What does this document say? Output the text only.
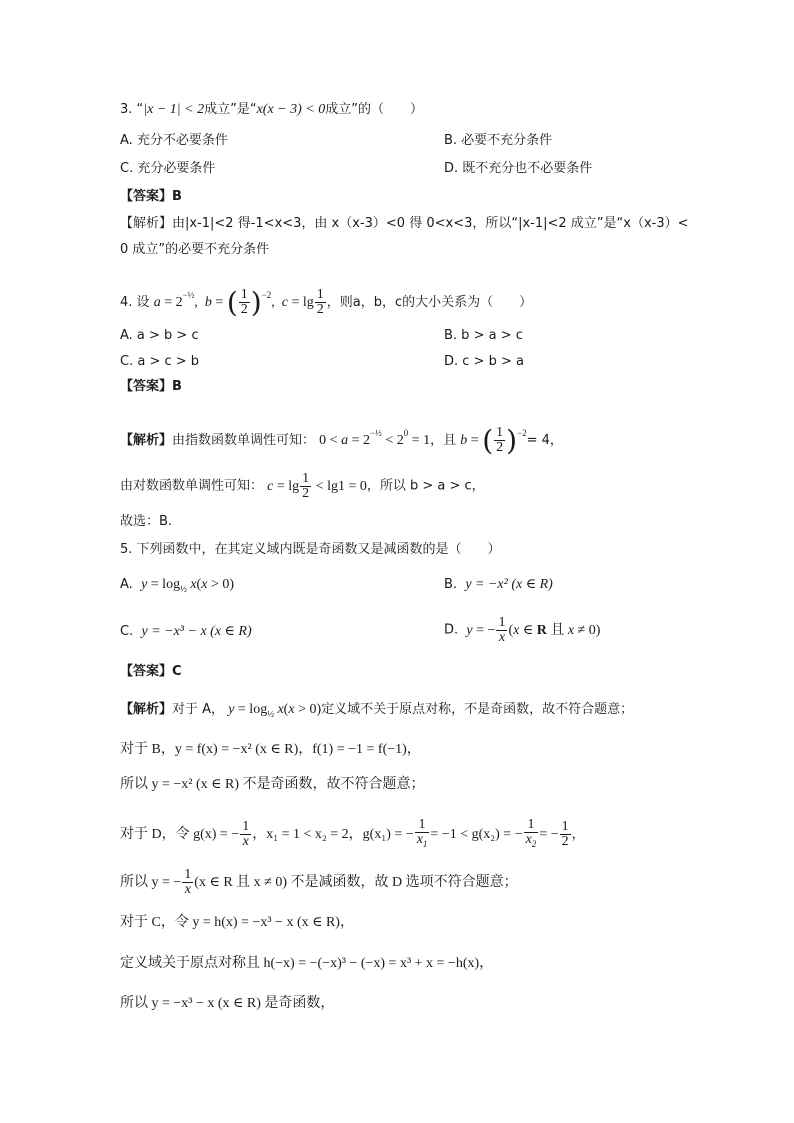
3. “|x − 1| < 2成立”是“x(x − 3) < 0成立”的（　　）
A. 充分不必要条件	B. 必要不充分条件
C. 充分必要条件	D. 既不充分也不必要条件
【答案】B
【解析】由|x-1|<2 得-1<x<3，由 x（x-3）<0 得 0<x<3，所以“|x-1|<2 成立”是“x（x-3）<
0 成立”的必要不充分条件
4. 设 $a = 2^{-\frac{1}{2}}$,  b = ( $\frac{1}{2} )^{-2}$,  $c = \lg \frac{1}{2}$ ，则a，b，c的大小关系为（　　）
A. a > b > c	B. b > a > c
C. a > c > b	D. c > b > a
【答案】B
【解析】由指数函数单调性可知： $0 < a = 2^{-\frac{1}{2}} < 2^0 = 1$，且 b = ( $\frac{1}{2} )^{-2}= 4$，
由对数函数单调性可知： $c = \lg \frac{1}{2} < \lg 1 = 0$，所以 b > a > c，
故选：B.
5. 下列函数中，在其定义域内既是奇函数又是减函数的是（　　）
A. $y = \log_{\frac{1}{2}} x(x > 0)$	B. y = −x² (x ∈ R)
C. y = −x³ − x (x ∈ R)	D. y = − $\frac{1}{x} (x$ ∈ R 且 x ≠ 0)
【答案】C
【解析】对于 A， $y = \log_{\frac{1}{2}} x(x > 0)$定义域不关于原点对称，不是奇函数，故不符合题意；
对于 B，y = f(x) = −x² (x ∈ R)，f(1) = −1 = f(−1)，
所以 y = −x² (x ∈ R) 不是奇函数，故不符合题意；
对于 D，令 g(x) = − $\frac{1}{x}$ ，x₁ = 1 < x₂ = 2，g(x₁) = − $\frac{1}{x_1} = -1 < g(x_2)$ = − $\frac{1}{x_2}$ = − $\frac{1}{2}$ ，
所以 y = − $\frac{1}{x} (x$ ∈ R 且 x ≠ 0) 不是减函数，故 D 选项不符合题意；
对于 C，令 y = h(x) = −x³ − x (x ∈ R)，
定义域关于原点对称且 h(−x) = −(−x)³ − (−x) = x³ + x = −h(x)，
所以 y = −x³ − x (x ∈ R) 是奇函数，
